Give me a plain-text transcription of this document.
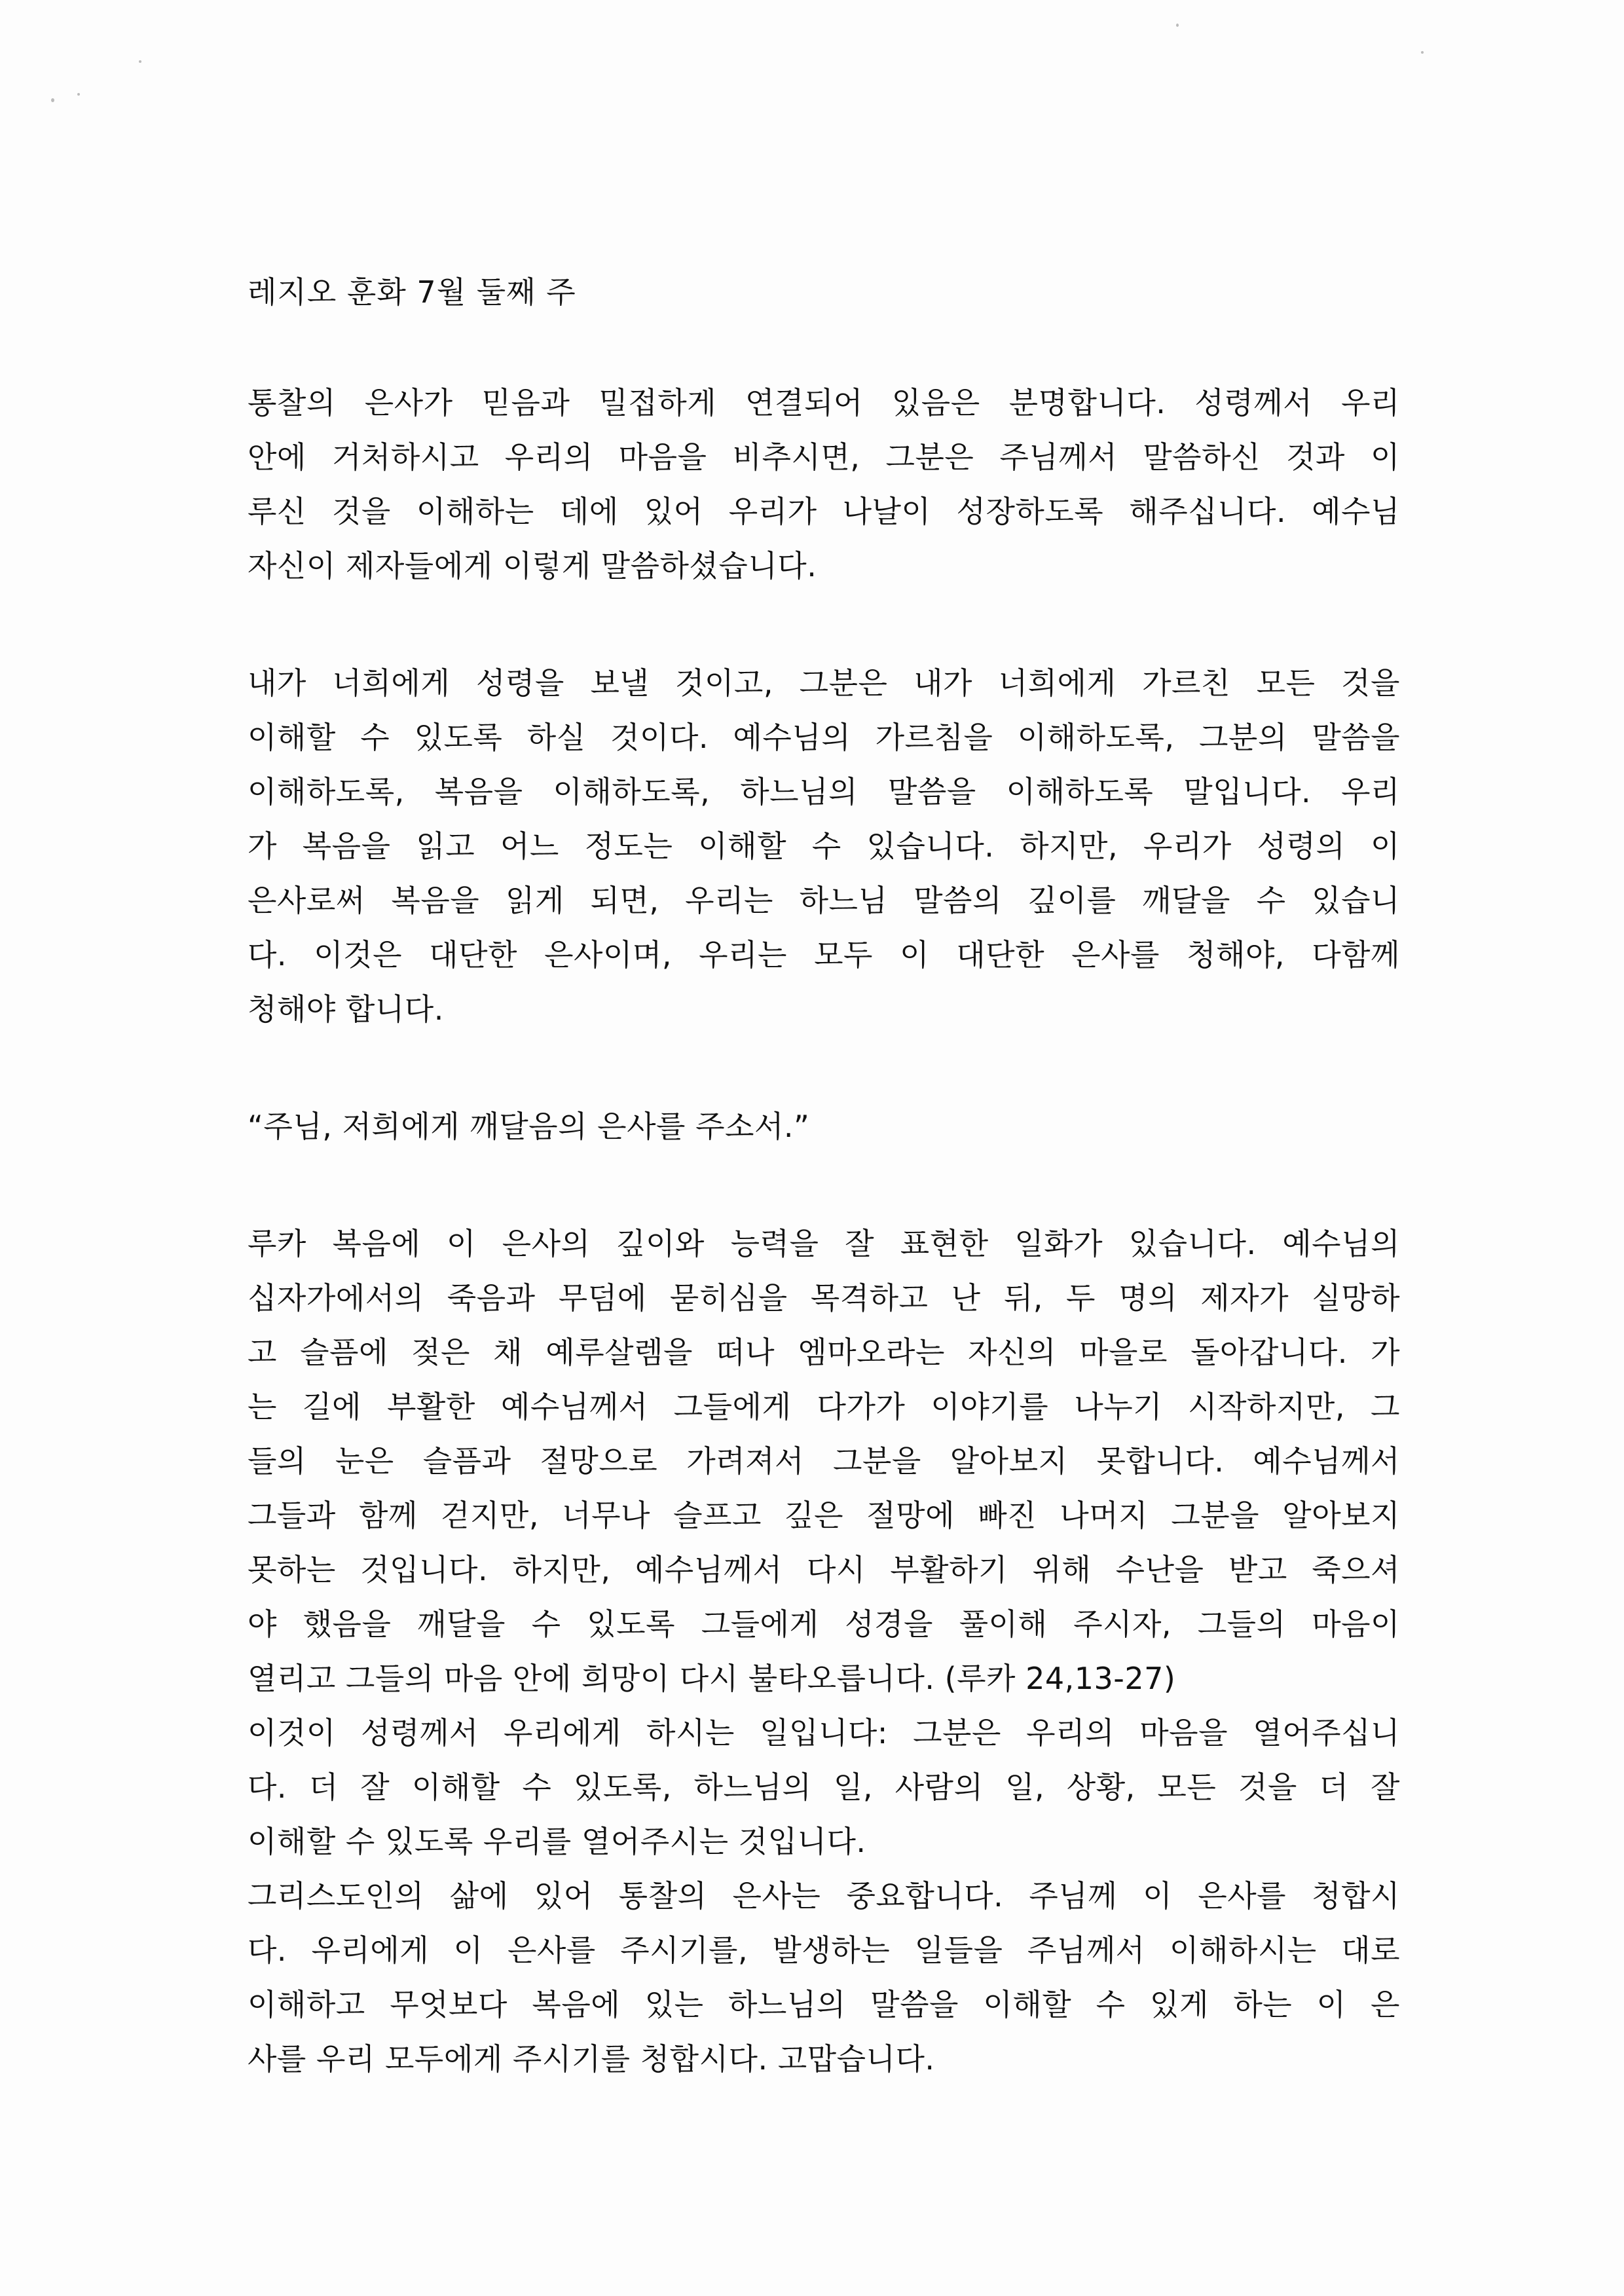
레지오 훈화 7월 둘째 주
통찰의 은사가 믿음과 밀접하게 연결되어 있음은 분명합니다. 성령께서 우리
안에 거처하시고 우리의 마음을 비추시면, 그분은 주님께서 말씀하신 것과 이
루신 것을 이해하는 데에 있어 우리가 나날이 성장하도록 해주십니다. 예수님
자신이 제자들에게 이렇게 말씀하셨습니다.
내가 너희에게 성령을 보낼 것이고, 그분은 내가 너희에게 가르친 모든 것을
이해할 수 있도록 하실 것이다. 예수님의 가르침을 이해하도록, 그분의 말씀을
이해하도록, 복음을 이해하도록, 하느님의 말씀을 이해하도록 말입니다. 우리
가 복음을 읽고 어느 정도는 이해할 수 있습니다. 하지만, 우리가 성령의 이
은사로써 복음을 읽게 되면, 우리는 하느님 말씀의 깊이를 깨달을 수 있습니
다. 이것은 대단한 은사이며, 우리는 모두 이 대단한 은사를 청해야, 다함께
청해야 합니다.
“주님, 저희에게 깨달음의 은사를 주소서.”
루카 복음에 이 은사의 깊이와 능력을 잘 표현한 일화가 있습니다. 예수님의
십자가에서의 죽음과 무덤에 묻히심을 목격하고 난 뒤, 두 명의 제자가 실망하
고 슬픔에 젖은 채 예루살렘을 떠나 엠마오라는 자신의 마을로 돌아갑니다. 가
는 길에 부활한 예수님께서 그들에게 다가가 이야기를 나누기 시작하지만, 그
들의 눈은 슬픔과 절망으로 가려져서 그분을 알아보지 못합니다. 예수님께서
그들과 함께 걷지만, 너무나 슬프고 깊은 절망에 빠진 나머지 그분을 알아보지
못하는 것입니다. 하지만, 예수님께서 다시 부활하기 위해 수난을 받고 죽으셔
야 했음을 깨달을 수 있도록 그들에게 성경을 풀이해 주시자, 그들의 마음이
열리고 그들의 마음 안에 희망이 다시 불타오릅니다. (루카 24,13-27)
이것이 성령께서 우리에게 하시는 일입니다: 그분은 우리의 마음을 열어주십니
다. 더 잘 이해할 수 있도록, 하느님의 일, 사람의 일, 상황, 모든 것을 더 잘
이해할 수 있도록 우리를 열어주시는 것입니다.
그리스도인의 삶에 있어 통찰의 은사는 중요합니다. 주님께 이 은사를 청합시
다. 우리에게 이 은사를 주시기를, 발생하는 일들을 주님께서 이해하시는 대로
이해하고 무엇보다 복음에 있는 하느님의 말씀을 이해할 수 있게 하는 이 은
사를 우리 모두에게 주시기를 청합시다. 고맙습니다.
